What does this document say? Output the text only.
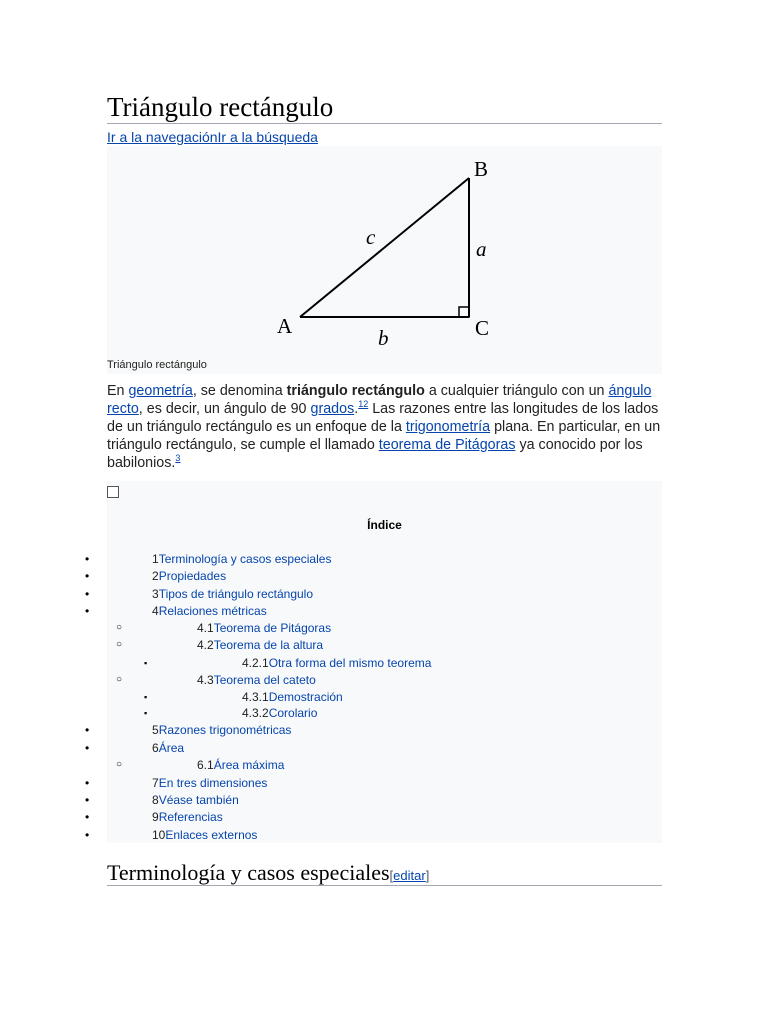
Triángulo rectángulo
Ir a la navegaciónIr a la búsqueda
B
A	C
c	a
b
Triángulo rectángulo
En geometría, se denomina triángulo rectángulo a cualquier triángulo con un ángulo recto, es decir, un ángulo de 90 grados.$^{12}$ Las razones entre las longitudes de los lados de un triángulo rectángulo es un enfoque de la trigonometría plana. En particular, en un triángulo rectángulo, se cumple el llamado teorema de Pitágoras ya conocido por los babilonios.$^3$
Índice
•	1Terminología y casos especiales
•	2Propiedades
•	3Tipos de triángulo rectángulo
•	4Relaciones métricas
○	4.1Teorema de Pitágoras
○	4.2Teorema de la altura
▪	4.2.1Otra forma del mismo teorema
○	4.3Teorema del cateto
▪	4.3.1Demostración
▪	4.3.2Corolario
•	5Razones trigonométricas
•	6Área
○	6.1Área máxima
•	7En tres dimensiones
•	8Véase también
•	9Referencias
•	10Enlaces externos
Terminología y casos especiales[editar]
